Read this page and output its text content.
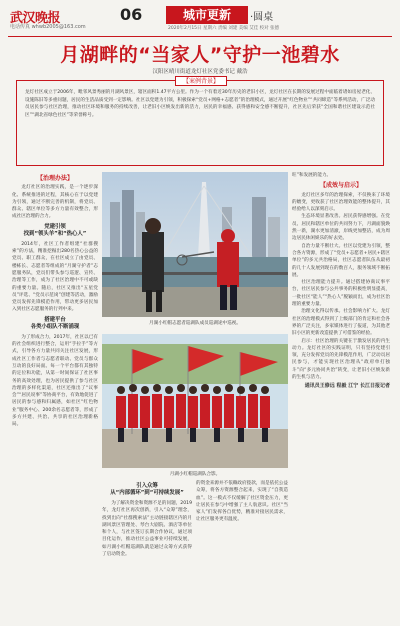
武汉晚报	06
电话传真 whwb2005@163.com
城市更新	·圆桌
2020年2月15日 星期六 责编 刘建 美编 艾佳 校对 张德
月湖畔的“当家人”守护一池碧水
汉阳区晴川街道龙灯社区党委书记 戴浩
【案例背景】
龙灯社区成立于2006年，毗邻风景秀丽的月湖风景区，辖区面积1.47平方公里。作为一个有着近30年历史的老旧小区，龙灯社区在长期的发展过程中面临着诸如房屋老化、设施陈旧等多重问题，居民的生活品质受到一定影响。社区以党建为引领，积极探索“党员+网格+志愿者”的治理模式，通过开展“红色物业”“共同缔造”等系列活动，广泛动员居民参与社区治理，推动社区环境和服务的持续改善，让老旧小区焕发出新的活力，居民的幸福感、获得感和安全感不断提升，社区先后荣获“全国和谐社区建设示范社区”“湖北省绿色社区”等荣誉称号。
【治理办法】

龙灯社区的治理实践，是一个逐步深化、系统推进的过程，其核心在于以党建为引领，通过不断完善的机制，将党员、群众、辖区单位等多方力量有效整合，形成社区治理的合力。

党建引领
找到“领头羊”和“热心人”

2014年，社区工作者组建“社群搜索”的方法，精准挖掘出280名热心公益的党员、职工群众，在社区成立了由党员、楼栋长、志愿者等组成的“月湖守护者”志愿服务队，党员们带头参与巡逻、宣传、治理等工作，成为了社区治理中不可或缺的重要力量。随后，社区又推出“五星党员”评选、“党员示范岗”创建等活动，激励党员发挥先锋模范作用，带动更多居民加入到社区志愿服务的行列中来。

搭建平台
各类小组队不断涌现

为了形成合力，2017年，社区以已有的社会组织进行整合，运用“手拉手”等方式，引导各方力量共同关注社区发展，形成社区工作者与志愿者联动、党员与群众互动的良好局面。每一个平台都有其独特的定位和功能，从第一时间保证了社区事务的高效处理，也为居民提供了参与社区治理的多样化渠道，社区还推出了“议事会”“居民说事”等协商平台，有效地促进了居民的参与感和归属感，如社区“红色物业”服务中心、200余名志愿者等，形成了多方共建、共治、共享的社区治理新格局。

月湖小红帽志愿者巡湖队成员巡湖途中巡视。
旺”和发展的能力。
【成效与启示】

龙灯社区多年的治理探索，不仅换来了环境的嬗变，更收获了社区治理效能的整体提升，其经验给人以深刻启示。

生态环境显著改善。居民获得感增强。在党员、居民和辖区单位的共同努力下，月湖面貌焕然一新，湖水更加清澈，岸线更加整洁，成为周边居民休闲娱乐的好去处。

自治力量不断壮大。社区以党建为引领，整合各方资源，形成了“党员+志愿者+居民+辖区单位”的多元共治格局，社区志愿者队伍从最初的几十人发展到现在的数百人，服务领域不断拓展。

社区治理能力提升。通过搭建协商议事平台，社区居民参与公共事务的积极性明显提高，一批社区“能人”“热心人”脱颖而出，成为社区治理的重要力量。

治理文化得以传承。社会影响力扩大。龙灯社区的治理模式得到了上级部门的肯定和社会各界的广泛关注，多家媒体进行了报道，为其他老旧小区的更新改造提供了可借鉴的经验。

启示：社区治理的关键在于激发居民的内生动力。龙灯社区的实践证明，只有坚持党建引领，充分发挥党员的先锋模范作用，广泛动员居民参与，才能实现社区治理从“政府单打独斗”向“多元协同共治”转变，让老旧小区焕发新的生机与活力。

通讯员王修远 程毅 江宁 长江日报记者
月湖小红帽巡湖队合影。
引入众筹
从“内部循环”到“可持续发展”

为了解决资金和资源不足的问题，2019年，龙灯社区再次创新，引入“众筹”理念，找到出向“社群搜索法”主动链接辖区内的月湖风景区管理处、琴台大剧院、酒店等单位和个人，与社区签订长期合作协议，通过项目化运作，推动社区公益事业可持续发展，如月湖小红帽巡湖队就是通过众筹方式获得了启动资金。

的资金来源并不依赖政府拨款，而是依托公益众筹，将各方资源整合起来，实现了“自我造血”。这一模式不仅缓解了社区资金压力，更让居民在参与中增强了主人翁意识。社区“当家人”们发挥各自优势，精准对接居民需求，让社区服务更有温度。
